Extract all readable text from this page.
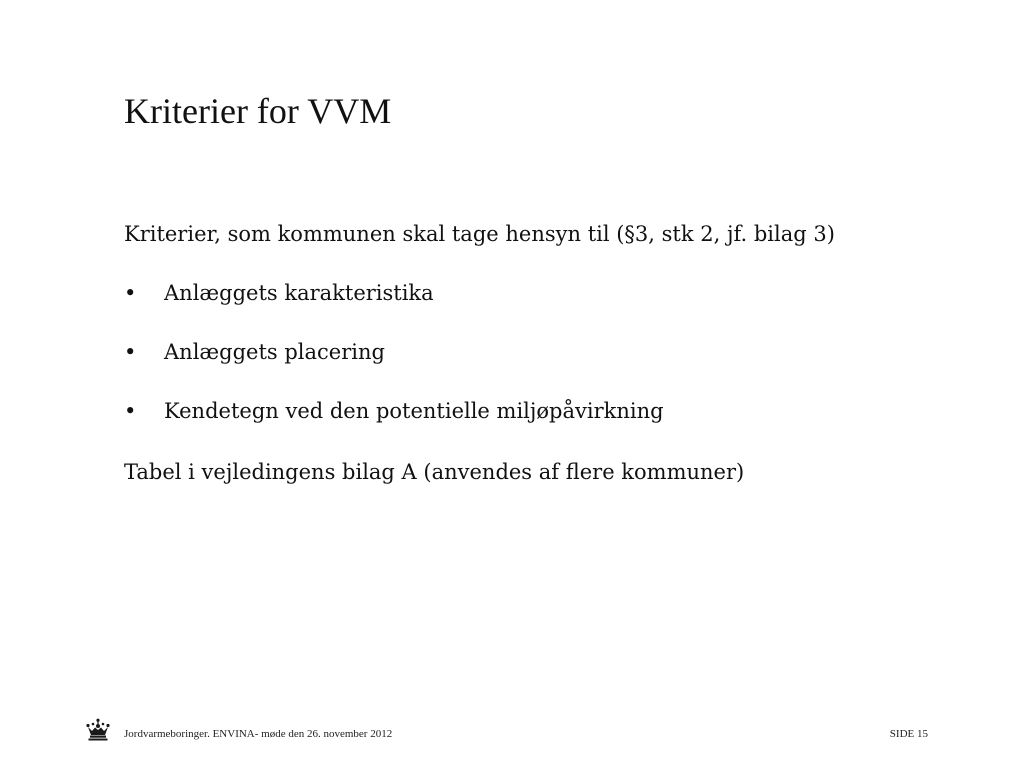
Kriterier for VVM
Kriterier, som kommunen skal tage hensyn til (§3, stk 2, jf. bilag 3)
• Anlæggets karakteristika
• Anlæggets placering
• Kendetegn ved den potentielle miljøpåvirkning
Tabel i vejledingens bilag A (anvendes af flere kommuner)
Jordvarmeboringer. ENVINA- møde den 26. november 2012	SIDE 15
